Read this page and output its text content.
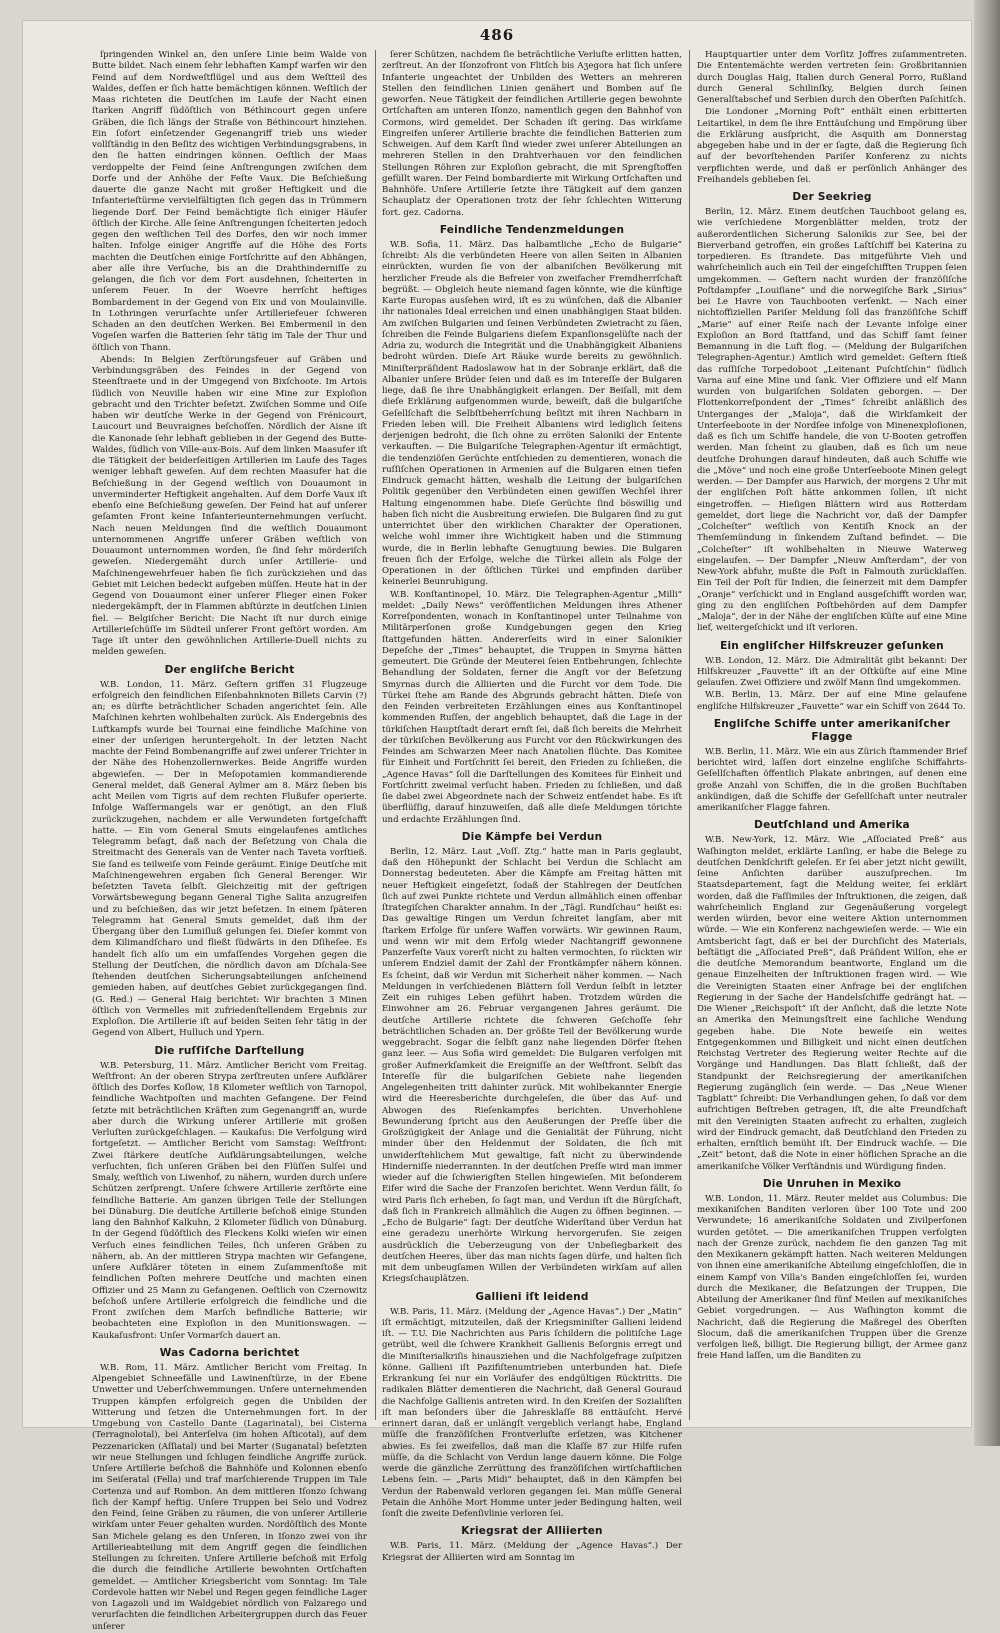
486

ſpringenden Winkel an, den unſere Linie beim Walde von Butte bildet. Nach einem ſehr lebhaften Kampf warfen wir den Feind auf dem Nordweſtflügel und aus dem Weſtteil des Waldes, deſſen er ſich hatte bemächtigen können. Weſtlich der Maas richteten die Deutſchen im Laufe der Nacht einen ſtarken Angriff ſüdöſtlich von Béthincourt gegen unſere Gräben, die ſich längs der Straße von Béthincourt hinziehen. Ein ſofort einſetzender Gegenangriff trieb uns wieder vollſtändig in den Beſitz des wichtigen Verbindungsgrabens, in den ſie hatten eindringen können. Oeſtlich der Maas verdoppelte der Feind ſeine Anſtrengungen zwiſchen dem Dorfe und der Anhöhe der Feſte Vaux. Die Beſchießung dauerte die ganze Nacht mit großer Heftigkeit und die Infanterieſtürme vervielfältigten ſich gegen das in Trümmern liegende Dorf. Der Feind bemächtigte ſich einiger Häuſer öſtlich der Kirche. Alle ſeine Anſtrengungen ſcheiterten jedoch gegen den weſtlichen Teil des Dorfes, den wir noch immer halten. Infolge einiger Angriffe auf die Höhe des Forts machten die Deutſchen einige Fortſchritte auf den Abhängen, aber alle ihre Verſuche, bis an die Drahthinderniſſe zu gelangen, die ſich vor dem Fort ausdehnen, ſcheiterten in unſerem Feuer. In der Woevre herrſcht heftiges Bombardement in der Gegend von Eix und von Moulainville. In Lothringen verurſachte unſer Artilleriefeuer ſchweren Schaden an den deutſchen Werken. Bei Embermenil in den Vogeſen warfen die Batterien ſehr tätig im Tale der Thur und öſtlich von Thann.

Abends: In Belgien Zerſtörungsfeuer auf Gräben und Verbindungsgräben des Feindes in der Gegend von Steenſtraete und in der Umgegend von Bixſchoote. Im Artois ſüdlich von Neuville haben wir eine Mine zur Exploſion gebracht und den Trichter beſetzt. Zwiſchen Somme und Oiſe haben wir deutſche Werke in der Gegend von Frénicourt, Laucourt und Beuvraignes beſchoſſen. Nördlich der Aisne iſt die Kanonade ſehr lebhaft geblieben in der Gegend des Butte-Waldes, ſüdlich von Ville-aux-Bois. Auf dem linken Maasufer iſt die Tätigkeit der beiderſeitigen Artillerien im Laufe des Tages weniger lebhaft geweſen. Auf dem rechten Maasufer hat die Beſchießung in der Gegend weſtlich von Douaumont in unverminderter Heftigkeit angehalten. Auf dem Dorfe Vaux iſt ebenſo eine Beſchießung geweſen. Der Feind hat auf unſerer geſamten Front keine Infanterieunternehmungen verſucht. Nach neuen Meldungen ſind die weſtlich Douaumont unternommenen Angriffe unſerer Gräben weſtlich von Douaumont unternommen worden, ſie ſind ſehr mörderiſch geweſen. Niedergemäht durch unſer Artillerie- und Maſchinengewehrfeuer haben ſie ſich zurückziehen und das Gebiet mit Leichen bedeckt aufgeben müſſen. Heute hat in der Gegend von Douaumont einer unſerer Flieger einen Foker niedergekämpft, der in Flammen abſtürzte in deutſchen Linien fiel. — Belgiſcher Bericht: Die Nacht iſt nur durch einige Artillerieſchüſſe im Südteil unſerer Front geſtört worden. Am Tage iſt unter den gewöhnlichen Artillerie-Duell nichts zu melden geweſen.

Der engliſche Bericht

W.B. London, 11. März. Geſtern griffen 31 Flugzeuge erfolgreich den feindlichen Eiſenbahnknoten Billets Carvin (?) an; es dürfte beträchtlicher Schaden angerichtet ſein. Alle Maſchinen kehrten wohlbehalten zurück. Als Endergebnis des Luftkampfs wurde bei Tournai eine feindliche Maſchine von einer der unſerigen heruntergeholt. In der letzten Nacht machte der Feind Bombenangriffe auf zwei unſerer Trichter in der Nähe des Hohenzollernwerkes. Beide Angriffe wurden abgewieſen. — Der in Meſopotamien kommandierende General meldet, daß General Aylmer am 8. März ſieben bis acht Meilen vom Tigris auf dem rechten Flußufer operierte. Infolge Waſſermangels war er genötigt, an den Fluß zurückzugehen, nachdem er alle Verwundeten fortgeſchafft hatte. — Ein vom General Smuts eingelaufenes amtliches Telegramm beſagt, daß nach der Beſetzung von Chala die Streitmacht des Generals van de Venter nach Taveta vorſtieß. Sie ſand es teilweiſe vom Feinde geräumt. Einige Deutſche mit Maſchinengewehren ergaben ſich General Berenger. Wir beſetzten Taveta ſelbſt. Gleichzeitig mit der geſtrigen Vorwärtsbewegung begann General Tighe Salita anzugreifen und zu beſchießen, das wir jetzt beſetzen. In einem ſpäteren Telegramm hat General Smuts gemeldet, daß ihm der Übergang über den Lumiſluß gelungen ſei. Dieſer kommt von dem Kilimandſcharo und fließt ſüdwärts in den Dſiheſee. Es handelt ſich alſo um ein umfaſſendes Vorgehen gegen die Stellung der Deutſchen, die nördlich davon am Dſchala-See ſtehenden deutſchen Sicherungsabteilungen anſcheinend gemieden haben, auf deutſches Gebiet zurückgegangen ſind. (G. Red.) — General Haig berichtet: Wir brachten 3 Minen öſtlich von Vermelles mit zufriedenſtellendem Ergebnis zur Exploſion. Die Artillerie iſt auf beiden Seiten ſehr tätig in der Gegend von Albert, Hulluch und Ypern.

Die ruſſiſche Darſtellung

W.B. Petersburg, 11. März. Amtlicher Bericht vom Freitag. Weſtfront: An der oberen Strypa zerſtreuten unſere Aufklärer öſtlich des Dorfes Koſlow, 18 Kilometer weſtlich von Tarnopol, feindliche Wachtpoſten und machten Gefangene. Der Feind ſetzte mit beträchtlichen Kräften zum Gegenangriff an, wurde aber durch die Wirkung unſerer Artillerie mit großen Verluſten zurückgeſchlagen. — Kaukaſus: Die Verfolgung wird fortgeſetzt. — Amtlicher Bericht vom Samstag: Weſtfront: Zwei ſtärkere deutſche Aufklärungsabteilungen, welche verſuchten, ſich unſeren Gräben bei den Flüſſen Sulſei und Smaly, weſtlich von Liwenhof, zu nähern, wurden durch unſere Schützen zerſprengt. Unſere ſchwere Artillerie zerſtörte eine feindliche Batterie. Am ganzen übrigen Teile der Stellungen bei Dünaburg. Die deutſche Artillerie beſchoß einige Stunden lang den Bahnhof Kalkuhn, 2 Kilometer ſüdlich von Dünaburg. In der Gegend ſüdöſtlich des Fleckens Kolki wieſen wir einen Verſuch eines feindlichen Teiles, ſich unſeren Gräben zu nähern, ab. An der mittleren Strypa machten wir Gefangene, unſere Aufklärer töteten in einem Zuſammenſtoße mit feindlichen Poſten mehrere Deutſche und machten einen Offizier und 25 Mann zu Gefangenen. Oeſtlich von Czernowitz beſchoß unſere Artillerie erfolgreich die feindliche und die Front zwiſchen dem Marſch befindliche Batterie; wir beobachteten eine Exploſion in den Munitionswagen. — Kaukaſusfront: Unſer Vormarſch dauert an.

Was Cadorna berichtet

W.B. Rom, 11. März. Amtlicher Bericht vom Freitag. In Alpengebiet Schneefälle und Lawinenſtürze, in der Ebene Unwetter und Ueberſchwemmungen. Unſere unternehmenden Truppen kämpfen erfolgreich gegen die Unbilden der Witterung und ſetzen die Unternehmungen fort. In der Umgebung von Castello Dante (Lagarinatal), bei Cisterna (Terragnolotal), bei Anterſelva (im hohen Aſticotal), auf dem Pezzenaricken (Aſſiatal) und bei Marter (Suganatal) beſetzten wir neue Stellungen und ſchlugen feindliche Angriffe zurück. Unſere Artillerie beſchoß die Bahnhöfe und Kolonnen ebenſo im Seiſeratal (Fella) und traf marſchierende Truppen im Tale Cortenza und auf Rombon. An dem mittleren Iſonzo ſchwang ſich der Kampf heftig. Unſere Truppen bei Selo und Vodrez den Feind, ſeine Gräben zu räumen, die von unſerer Artillerie wirkſam unter Feuer gehalten wurden. Nordöſtlich des Monte San Michele gelang es den Unſeren, in Iſonzo zwei von ihr Artillerieabteilung mit dem Angriff gegen die ſeindlichen Stellungen zu ſchreiten. Unſere Artillerie beſchoß mit Erfolg die durch die feindliche Artillerie bewohnten Ortſchaften gemeldet. — Amtlicher Kriegsbericht vom Sonntag: Im Tale Cordevole hatten wir Nebel und Regen gegen feindliche Lager von Lagazoli und im Waldgebiet nördlich von Falzarego und verurſachten die feindlichen Arbeitergruppen durch das Feuer unſerer

ſerer Schützen, nachdem ſie beträchtliche Verluſte erlitten hatten, zerſtreut. An der Iſonzofront von Flitſch bis Aʒegora hat ſich unſere Infanterie ungeachtet der Unbilden des Wetters an mehreren Stellen den feindlichen Linien genähert und Bomben auf ſie geworfen. Neue Tätigkeit der feindlichen Artillerie gegen bewohnte Ortſchaften am unteren Iſonzo, namentlich gegen den Bahnhof von Cormons, wird gemeldet. Der Schaden iſt gering. Das wirkſame Eingreifen unſerer Artillerie brachte die feindlichen Batterien zum Schweigen. Auf dem Karſt ſind wieder zwei unſerer Abteilungen an mehreren Stellen in den Drahtverhauen vor den feindlichen Stellungen Röhren zur Exploſion gebracht, die mit Sprengſtoffen gefüllt waren. Der Feind bombardierte mit Wirkung Ortſchaften und Bahnhöfe. Unſere Artillerie ſetzte ihre Tätigkeit auf dem ganzen Schauplatz der Operationen trotz der ſehr ſchlechten Witterung fort. gez. Cadorna.

Feindliche Tendenzmeldungen

W.B. Sofia, 11. März. Das halbamtliche „Echo de Bulgarie“ ſchreibt: Als die verbündeten Heere von allen Seiten in Albanien einrückten, wurden ſie von der albaniſchen Bevölkerung mit herzlicher Freude als die Befreier von zweifacher Fremdherrſchaft begrüßt. — Obgleich heute niemand ſagen könnte, wie die künftige Karte Europas ausſehen wird, iſt es zu wünſchen, daß die Albanier ihr nationales Ideal erreichen und einen unabhängigen Staat bilden. Am zwiſchen Bulgarien und ſeinen Verbündeten Zwietracht zu ſäen, ſchreiben die Feinde Bulgariens dieſem Expanſionsgelüſte nach der Adria zu, wodurch die Integrität und die Unabhängigkeit Albaniens bedroht würden. Dieſe Art Räuke wurde bereits zu gewöhnlich. Miniſterpräſident Radoslawow hat in der Sobranje erklärt, daß die Albanier unſere Brüder ſeien und daß es im Intereſſe der Bulgaren liege, daß ſie ihre Unabhängigkeit erlangen. Der Beiſall, mit dem dieſe Erklärung aufgenommen wurde, beweiſt, daß die bulgariſche Geſellſchaft die Selbſtbeherrſchung beſitzt mit ihren Nachbarn in Frieden leben will. Die Freiheit Albaniens wird lediglich ſeitens derjenigen bedroht, die ſich ohne zu erröten Saloniki der Entente verkauften. — Die Bulgariſche Telegraphen-Agentur iſt ermächtigt, die tendenziöſen Gerüchte entſchieden zu dementieren, wonach die ruſſiſchen Operationen in Armenien auf die Bulgaren einen tiefen Eindruck gemacht hätten, weshalb die Leitung der bulgariſchen Politik gegenüber den Verbündeten einen gewiſſen Wechſel ihrer Haltung eingenommen habe. Dieſe Gerüchte ſind böswillig und haben ſich nicht die Ausbreitung erwieſen. Die Bulgaren ſind zu gut unterrichtet über den wirklichen Charakter der Operationen, welche wohl immer ihre Wichtigkeit haben und die Stimmung wurde, die in Berlin lebhafte Genugtuung bewies. Die Bulgaren freuen ſich der Erfolge, welche die Türkei allein als Folge der Operationen in der öſtlichen Türkei und empfinden darüber keinerlei Beunruhigung.

W.B. Konſtantinopel, 10. März. Die Telegraphen-Agentur „Milli“ meldet: „Daily News“ veröffentlichen Meldungen ihres Athener Korreſpondenten, wonach in Konſtantinopel unter Teilnahme von Militärperſonen große Kundgebungen gegen den Krieg ſtattgefunden hätten. Andererſeits wird in einer Salonikier Depeſche der „Times“ behauptet, die Truppen in Smyrna hätten gemeutert. Die Gründe der Meuterei ſeien Entbehrungen, ſchlechte Behandlung der Soldaten, ferner die Angſt vor der Beſetzung Smyrnas durch die Alliierten und die Furcht vor dem Tode. Die Türkei ſtehe am Rande des Abgrunds gebracht hätten. Dieſe von den Feinden verbreiteten Erzählungen eines aus Konſtantinopel kommenden Ruſſen, der angeblich behauptet, daß die Lage in der türkiſchen Hauptſtadt derart ernſt ſei, daß ſich bereits die Mehrheit der türkiſchen Bevölkerung aus Furcht vor den Rückwirkungen des Feindes am Schwarzen Meer nach Anatolien flüchte. Das Komitee für Einheit und Fortſchritt ſei bereit, den Frieden zu ſchließen, die „Agence Havas“ ſoll die Darſtellungen des Komitees für Einheit und Fortſchritt zweimal verſucht haben. Frieden zu ſchließen, und daß ſie dabei zwei Abgeordnete nach der Schweiz entſendet habe. Es iſt überflüſſig, darauf hinzuweiſen, daß alle dieſe Meldungen törichte und erdachte Erzählungen ſind.

Die Kämpfe bei Verdun

Berlin, 12. März. Laut „Voſſ. Ztg.“ hatte man in Paris geglaubt, daß den Höhepunkt der Schlacht bei Verdun die Schlacht am Donnerstag bedeuteten. Aber die Kämpfe am Freitag hätten mit neuer Heftigkeit eingeſetzt, ſodaß der Stahlregen der Deutſchen ſich auf zwei Punkte richtete und Verdun allmählich einen offenbar ſtrategiſchen Charakter annahm. In der „Tägl. Rundſchau“ heißt es: Das gewaltige Ringen um Verdun ſchreitet langſam, aber mit ſtarkem Erfolge für unſere Waffen vorwärts. Wir gewinnen Raum, und wenn wir mit dem Erfolg wieder Nachtangriff gewonnene Panzerfeſte Vaux vorerſt nicht zu halten vermochten, ſo rückten wir unſerem Endziel damit der Zahl der Frontkämpfer nähern können. Es ſcheint, daß wir Verdun mit Sicherheit näher kommen. — Nach Meldungen in verſchiedenen Blättern ſoll Verdun ſelbſt in letzter Zeit ein ruhiges Leben geführt haben. Trotzdem würden die Einwohner am 26. Februar vergangenen Jahres geräumt. Die deutſche Artillerie richtete die ſchweren Geſchoſſe ſehr beträchtlichen Schaden an. Der größte Teil der Bevölkerung wurde weggebracht. Sogar die ſelbſt ganz nahe liegenden Dörfer ſtehen ganz leer. — Aus Sofia wird gemeldet: Die Bulgaren verfolgen mit großer Aufmerkſamkeit die Ereigniſſe an der Weſtfront. Selbſt das Intereſſe für die bulgariſchen Gebiete nahe liegenden Angelegenheiten tritt dahinter zurück. Mit wohlbekannter Energie wird die Heeresberichte durchgeleſen, die über das Auf- und Abwogen des Rieſenkampfes berichten. Unverhohlene Bewunderung ſpricht aus den Aeußerungen der Preſſe über die Großzügigkeit der Anlage und die Genialität der Führung, nicht minder über den Heldenmut der Soldaten, die ſich mit unwiderſtehlichem Mut gewaltige, faſt nicht zu überwindende Hinderniſſe niederrannten. In der deutſchen Preſſe wird man immer wieder auf die ſchwierigſten Stellen hingewieſen. Mit beſonderem Eifer wird die Sache der Franzoſen berichtet. Wenn Verdun fällt, ſo wird Paris ſich erheben, ſo ſagt man, und Verdun iſt die Bürgſchaft, daß ſich in Frankreich allmählich die Augen zu öffnen beginnen. — „Echo de Bulgarie“ ſagt: Der deutſche Widerſtand über Verdun hat eine geradezu unerhörte Wirkung hervorgerufen. Sie zeigen ausdrücklich die Ueberzeugung von der Unbeſiegbarkeit des deutſchen Heeres, über das man nichts ſagen dürfe, und halten ſich mit dem unbeugſamen Willen der Verbündeten wirkſam auf allen Kriegsſchauplätzen.

Gallieni iſt leidend

W.B. Paris, 11. März. (Meldung der „Agence Havas“.) Der „Matin“ iſt ermächtigt, mitzuteilen, daß der Kriegsminiſter Gallieni leidend iſt. — T.U. Die Nachrichten aus Paris ſchildern die politiſche Lage getrübt, weil die ſchwere Krankheit Gallienis Beſorgnis erregt und die Miniſterialkriſis hinausziehen und die Nachfolgefrage zuſpitzen könne. Gallieni iſt Pazifiſtenumtrieben unterbunden hat. Dieſe Erkrankung ſei nur ein Vorläufer des endgültigen Rücktritts. Die radikalen Blätter dementieren die Nachricht, daß General Gouraud die Nachfolge Gallienis antreten wird. In den Kreiſen der Sozialiſten iſt man beſonders über die Jahresklaſſe 88 enttäuſcht. Hervé erinnert daran, daß er unlängſt vergeblich verlangt habe, England müſſe die franzöſiſchen Frontverluſte erſetzen, was Kitchener abwies. Es ſei zweifellos, daß man die Klaſſe 87 zur Hilfe rufen müſſe, da die Schlacht von Verdun lange dauern könne. Die Folge werde die gänzliche Zerrüttung des franzöſiſchen wirtſchaftlichen Lebens ſein. — „Paris Midi“ behauptet, daß in den Kämpfen bei Verdun der Rabenwald verloren gegangen ſei. Man müſſe General Petain die Anhöhe Mort Homme unter jeder Bedingung halten, weil ſonſt die zweite Defenſivlinie verloren ſei.

Kriegsrat der Alliierten

W.B. Paris, 11. März. (Meldung der „Agence Havas“.) Der Kriegsrat der Alliierten wird am Sonntag im

Hauptquartier unter dem Vorſitz Joffres zuſammentreten. Die Ententemächte werden vertreten ſein: Großbritannien durch Douglas Haig, Italien durch General Porro, Rußland durch General Schilinſky, Belgien durch ſeinen Generalſtabschef und Serbien durch den Oberſten Paſchitſch.

Die Londoner „Morning Poſt“ enthält einen erbitterten Leitartikel, in dem ſie ihre Enttäuſchung und Empörung über die Erklärung ausſpricht, die Asquith am Donnerstag abgegeben habe und in der er ſagte, daß die Regierung ſich auf der bevorſtehenden Pariſer Konferenz zu nichts verpflichten werde, und daß er perſönlich Anhänger des Freihandels geblieben ſei.

Der Seekrieg

Berlin, 12. März. Einem deutſchen Tauchboot gelang es, wie verſchiedene Morgenblätter melden, trotz der außerordentlichen Sicherung Salonikis zur See, bei der Bierverband getroffen, ein großes Laſtſchiff bei Katerina zu torpedieren. Es ſtrandete. Das mitgeführte Vieh und wahrſcheinlich auch ein Teil der eingeſchifften Truppen ſeien umgekommen. — Geſtern nacht wurden der franzöſiſche Poſtdampfer „Louiſiane“ und die norwegiſche Bark „Sirius“ bei Le Havre von Tauchbooten verſenkt. — Nach einer nichtoffiziellen Pariſer Meldung ſoll das franzöſiſche Schiff „Marie“ auf einer Reiſe nach der Levante infolge einer Exploſion an Bord ſtattfand, und das Schiff ſamt ſeiner Bemannung in die Luft flog. — (Meldung der Bulgariſchen Telegraphen-Agentur.) Amtlich wird gemeldet: Geſtern ſtieß das ruſſiſche Torpedoboot „Leitenant Puſchtſchin“ ſüdlich Varna auf eine Mine und ſank. Vier Offiziere und elf Mann wurden von bulgariſchen Soldaten geborgen. — Der Flottenkorreſpondent der „Times“ ſchreibt anläßlich des Unterganges der „Maloja“, daß die Wirkſamkeit der Unterſeeboote in der Nordſee infolge von Minenexploſionen, daß es ſich um Schiffe handele, die von U-Booten getroffen werden. Man ſcheint zu glauben, daß es ſich um neue deutſche Drohungen darauf hindeuten, daß auch Schiffe wie die „Möve“ und noch eine große Unterſeeboote Minen gelegt werden. — Der Dampfer aus Harwich, der morgens 2 Uhr mit der engliſchen Poſt hätte ankommen ſollen, iſt nicht eingetroffen. — Hieſigen Blättern wird aus Rotterdam gemeldet, dort liege die Nachricht vor, daß der Dampfer „Colcheſter“ weſtlich von Kentiſh Knock an der Themſemündung in ſinkendem Zuſtand befindet. — Die „Colcheſter“ iſt wohlbehalten in Nieuwe Waterweg eingelaufen. — Der Dampfer „Nieuw Amſterdam“, der von New-York abfuhr, mußte die Poſt in Falmouth zurücklaſſen. Ein Teil der Poſt für Indien, die ſeinerzeit mit dem Dampfer „Oranje“ verſchickt und in England ausgeſchifft worden war, ging zu den engliſchen Poſtbehörden auf dem Dampfer „Maloja“, der in der Nähe der engliſchen Küſte auf eine Mine lief, weitergeſchickt und iſt verloren.

Ein engliſcher Hilfskreuzer geſunken

W.B. London, 12. März. Die Admiralität gibt bekannt: Der Hilfskreuzer „Fauvette“ iſt an der Oſtküſte auf eine Mine gelaufen. Zwei Offiziere und zwölf Mann ſind umgekommen.

W.B. Berlin, 13. März. Der auf eine Mine gelaufene engliſche Hilfskreuzer „Fauvette“ war ein Schiff von 2644 To.

Engliſche Schiffe unter amerikaniſcher Flagge

W.B. Berlin, 11. März. Wie ein aus Zürich ſtammender Brief berichtet wird, laſſen dort einzelne engliſche Schiffahrts-Geſellſchaften öffentlich Plakate anbringen, auf denen eine große Anzahl von Schiffen, die in die großen Buchſtaben ankündigen, daß die Schiffe der Geſellſchaft unter neutraler amerikaniſcher Flagge fahren.

Deutſchland und Amerika

W.B. New-York, 12. März. Wie „Aſſociated Preß“ aus Waſhington meldet, erklärte Lanſing, er habe die Belege zu deutſchen Denkſchrift geleſen. Er ſei aber jetzt nicht gewillt, ſeine Anſichten darüber auszuſprechen. Im Staatsdepartement, ſagt die Meldung weiter, ſei erklärt worden, daß die Faſſimiles der Inſtruktionen, die zeigen, daß wahrſcheinlich England zur Gegenäußerung vorgelegt werden würden, bevor eine weitere Aktion unternommen würde. — Wie ein Konferenz nachgewieſen werde. — Wie ein Amtsbericht ſagt, daß er bei der Durchſicht des Materials, beſtätigt die „Aſſociated Preß“, daß Präſident Wilſon, ehe er die deutſche Memorandum beantworte, England um die genaue Einzelheiten der Inſtruktionen fragen wird. — Wie die Vereinigten Staaten einer Anfrage bei der engliſchen Regierung in der Sache der Handelsſchiffe gedrängt hat. — Die Wiener „Reichspoſt“ iſt der Anſicht, daß die letzte Note an Amerika den Meinungsſtreit eine ſachliche Wendung gegeben habe. Die Note beweiſe ein weites Entgegenkommen und Billigkeit und nicht einen deutſchen Reichstag Vertreter des Regierung weiter Rechte auf die Vorgänge und Handlungen. Das Blatt ſchließt, daß der Standpunkt der Reichsregierung der amerikaniſchen Regierung zugänglich ſein werde. — Das „Neue Wiener Tagblatt“ ſchreibt: Die Verhandlungen gehen, ſo daß vor dem aufrichtigen Beſtreben getragen, iſt, die alte Freundſchaft mit den Vereinigten Staaten aufrecht zu erhalten, zugleich wird der Eindruck gemacht, daß Deutſchland den Frieden zu erhalten, ernſtlich bemüht iſt. Der Eindruck wachſe. — Die „Zeit“ betont, daß die Note in einer höflichen Sprache an die amerikaniſche Völker Verſtändnis und Würdigung finden.

Die Unruhen in Mexiko

W.B. London, 11. März. Reuter meldet aus Columbus: Die mexikaniſchen Banditen verloren über 100 Tote und 200 Verwundete; 16 amerikaniſche Soldaten und Zivilperſonen wurden getötet. — Die amerikaniſchen Truppen verfolgten nach der Grenze zurück, nachdem ſie den ganzen Tag mit den Mexikanern gekämpft hatten. Nach weiteren Meldungen von ihnen eine amerikaniſche Abteilung eingeſchloſſen, die in einem Kampf von Villa's Banden eingeſchloſſen ſei, wurden durch die Mexikaner, die Beſatzungen der Truppen, Die Abteilung der Amerikaner ſind fünf Meilen auf mexikaniſches Gebiet vorgedrungen. — Aus Waſhington kommt die Nachricht, daß die Regierung die Maßregel des Oberſten Slocum, daß die amerikaniſchen Truppen über die Grenze verfolgen ließ, billigt. Die Regierung billigt, der Armee ganz freie Hand laſſen, um die Banditen zu
